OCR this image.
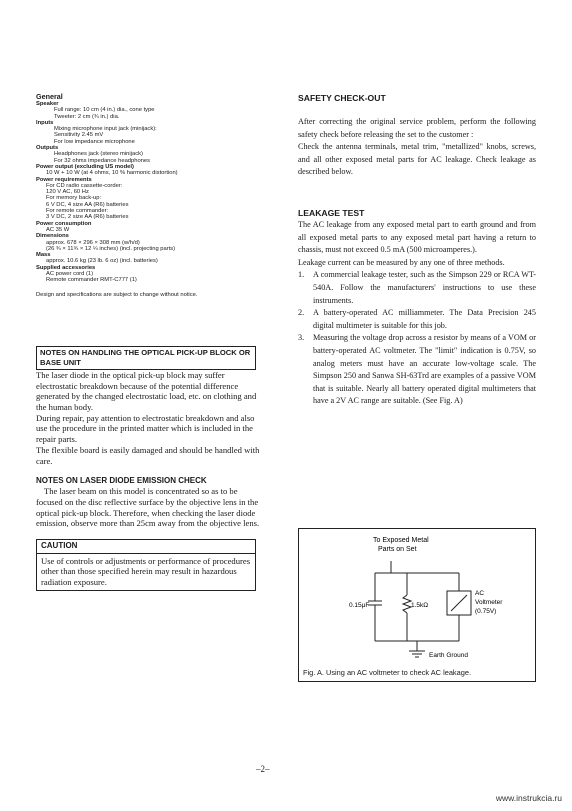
General
Speaker
Full range: 10 cm (4 in.) dia., cone type
Tweeter: 2 cm (¾ in.) dia.
Inputs
Mixing microphone input jack (minijack):
Sensitivity 2.45 mV
For low impedance microphone
Outputs
Headphones jack (stereo minijack)
For 32 ohms impedance headphones
Power output (excluding US model)
10 W + 10 W (at 4 ohms, 10 % harmonic distortion)
Power requirements
For CD radio cassette-corder:
120 V AC, 60 Hz
For memory back-up:
6 V DC, 4 size AA (R6) batteries
For remote commander:
3 V DC, 2 size AA (R6) batteries
Power consumption
AC 35 W
Dimensions
approx. 678 × 296 × 308 mm (w/h/d)
(26 ¾ × 11¾ × 12 ¼ inches) (incl. projecting parts)
Mass
approx. 10.6 kg (23 lb. 6 oz) (incl. batteries)
Supplied accessories
AC power cord (1)
Remote commander RMT-C777 (1)
Design and specifications are subject to change without notice.
NOTES ON HANDLING THE OPTICAL PICK-UP BLOCK OR BASE UNIT

The laser diode in the optical pick-up block may suffer electrostatic breakdown because of the potential difference generated by the changed electrostatic load, etc. on clothing and the human body.

During repair, pay attention to electrostatic breakdown and also use the procedure in the printed matter which is included in the repair parts.

The flexible board is easily damaged and should be handled with care.

NOTES ON LASER DIODE EMISSION CHECK
The laser beam on this model is concentrated so as to be focused on the disc reflective surface by the objective lens in the optical pick-up block. Therefore, when checking the laser diode emission, observe more than 25cm away from the objective lens.
CAUTION
Use of controls or adjustments or performance of procedures other than those specified herein may result in hazardous radiation exposure.
SAFETY CHECK-OUT

After correcting the original service problem, perform the following safety check before releasing the set to the customer :

Check the antenna terminals, metal trim, "metallized" knobs, screws, and all other exposed metal parts for AC leakage. Check leakage as described below.

LEAKAGE TEST

The AC leakage from any exposed metal part to earth ground and from all exposed metal parts to any exposed metal part having a return to chassis, must not exceed 0.5 mA (500 microamperes.).

Leakage current can be measured by any one of three methods.

1.	A commercial leakage tester, such as the Simpson 229 or RCA WT-540A. Follow the manufacturers' instructions to use these instruments.
2.	A battery-operated AC milliammeter. The Data Precision 245 digital multimeter is suitable for this job.
3.	Measuring the voltage drop across a resistor by means of a VOM or battery-operated AC voltmeter. The "limit" indication is 0.75V, so analog meters must have an accurate low-voltage scale. The Simpson 250 and Sanwa SH-63Trd are examples of a passive VOM that is suitable. Nearly all battery operated digital multimeters that have a 2V AC range are suitable. (See Fig. A)
To Exposed Metal
Parts on Set
0.15μF	1.5kΩ
AC
Voltmeter
(0.75V)
Earth Ground
Fig. A. Using an AC voltmeter to check AC leakage.
–2–
www.instrukcia.ru
